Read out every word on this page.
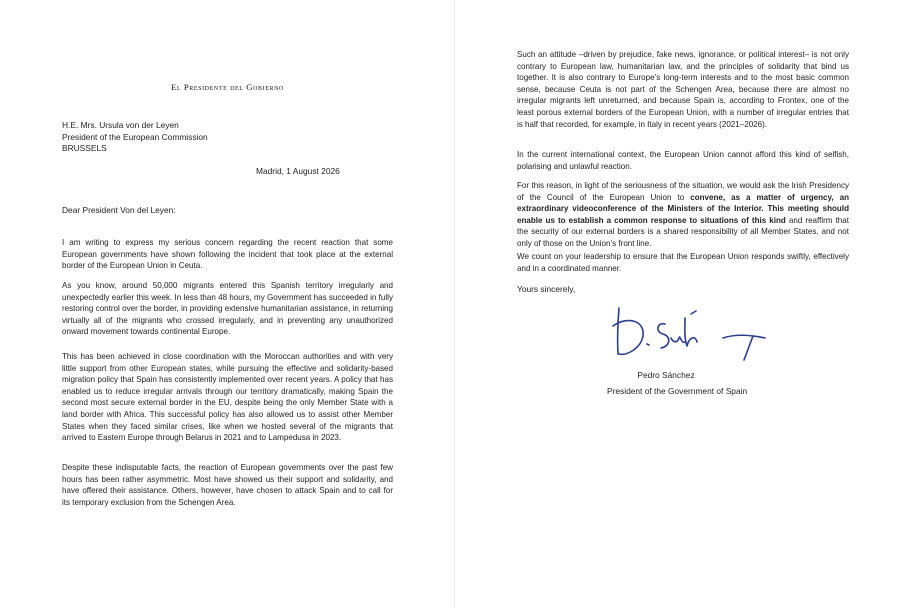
El Presidente del Gobierno
H.E. Mrs. Ursula von der Leyen
President of the European Commission
BRUSSELS
Madrid, 1 August 2026
Dear President Von del Leyen:
I am writing to express my serious concern regarding the recent reaction that some European governments have shown following the incident that took place at the external border of the European Union in Ceuta.
As you know, around 50,000 migrants entered this Spanish territory irregularly and unexpectedly earlier this week. In less than 48 hours, my Government has succeeded in fully restoring control over the border, in providing extensive humanitarian assistance, in returning virtually all of the migrants who crossed irregularly, and in preventing any unauthorized onward movement towards continental Europe.
This has been achieved in close coordination with the Moroccan authorities and with very little support from other European states, while pursuing the effective and solidarity-based migration policy that Spain has consistently implemented over recent years. A policy that has enabled us to reduce irregular arrivals through our territory dramatically, making Spain the second most secure external border in the EU, despite being the only Member State with a land border with Africa. This successful policy has also allowed us to assist other Member States when they faced similar crises, like when we hosted several of the migrants that arrived to Eastern Europe through Belarus in 2021 and to Lampedusa in 2023.
Despite these indisputable facts, the reaction of European governments over the past few hours has been rather asymmetric. Most have showed us their support and solidarity, and have offered their assistance. Others, however, have chosen to attack Spain and to call for its temporary exclusion from the Schengen Area.
Such an attitude –driven by prejudice, fake news, ignorance, or political interest– is not only contrary to European law, humanitarian law, and the principles of solidarity that bind us together. It is also contrary to Europe’s long-term interests and to the most basic common sense, because Ceuta is not part of the Schengen Area, because there are almost no irregular migrants left unreturned, and because Spain is, according to Frontex, one of the least porous external borders of the European Union, with a number of irregular entries that is half that recorded, for example, in Italy in recent years (2021–2026).
In the current international context, the European Union cannot afford this kind of selfish, polarising and unlawful reaction.
For this reason, in light of the seriousness of the situation, we would ask the Irish Presidency of the Council of the European Union to convene, as a matter of urgency, an extraordinary videoconference of the Ministers of the Interior. This meeting should enable us to establish a common response to situations of this kind and reaffirm that the security of our external borders is a shared responsibility of all Member States, and not only of those on the Union’s front line.
We count on your leadership to ensure that the European Union responds swiftly, effectively and in a coordinated manner.
Yours sincerely,
Pedro Sánchez
President of the Government of Spain
